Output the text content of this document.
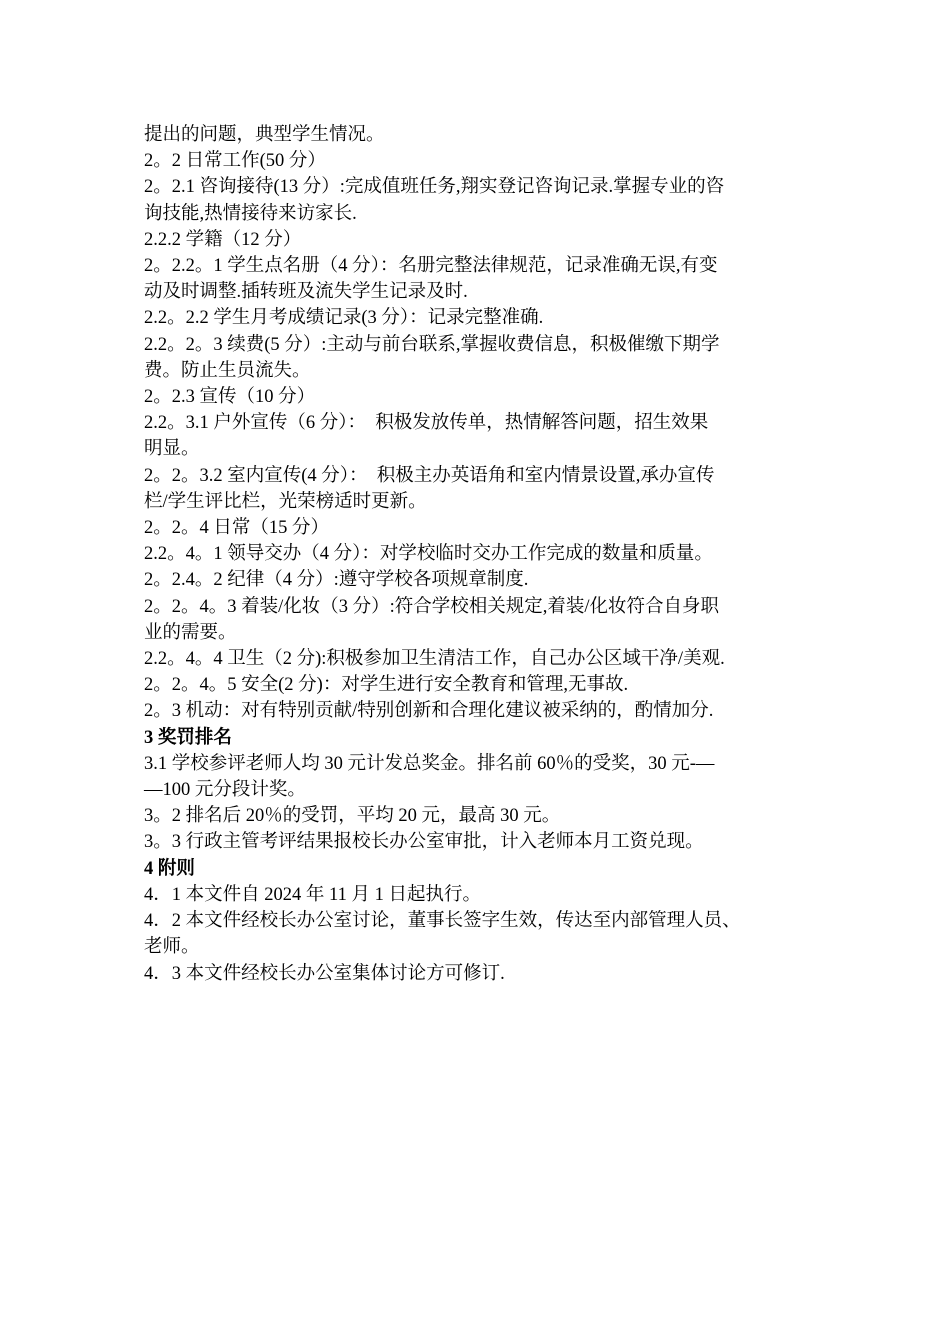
提出的问题，典型学生情况。

2。2 日常工作(50 分）

2。2.1 咨询接待(13 分）:完成值班任务,翔实登记咨询记录.掌握专业的咨

询技能,热情接待来访家长.

2.2.2 学籍（12 分）

2。2.2。1 学生点名册（4 分）：名册完整法律规范，记录准确无误,有变

动及时调整.插转班及流失学生记录及时.

2.2。2.2 学生月考成绩记录(3 分）：记录完整准确.

2.2。2。3 续费(5 分）:主动与前台联系,掌握收费信息，积极催缴下期学

费。防止生员流失。

2。2.3 宣传（10 分）

2.2。3.1 户外宣传（6 分）：  积极发放传单，热情解答问题，招生效果

明显。

2。2。3.2 室内宣传(4 分）：  积极主办英语角和室内情景设置,承办宣传

栏/学生评比栏，光荣榜适时更新。

2。2。4 日常（15 分）

2.2。4。1 领导交办（4 分）：对学校临时交办工作完成的数量和质量。

2。2.4。2 纪律（4 分）:遵守学校各项规章制度.

2。2。4。3 着装/化妆（3 分）:符合学校相关规定,着装/化妆符合自身职

业的需要。

2.2。4。4 卫生（2 分):积极参加卫生清洁工作，自己办公区域干净/美观.

2。2。4。5 安全(2 分)：对学生进行安全教育和管理,无事故.

2。3 机动：对有特别贡献/特别创新和合理化建议被采纳的，酌情加分.

3 奖罚排名

3.1 学校参评老师人均 30 元计发总奖金。排名前 60％的受奖，30 元-—

—100 元分段计奖。

3。2 排名后 20％的受罚，平均 20 元，最高 30 元。

3。3 行政主管考评结果报校长办公室审批，计入老师本月工资兑现。

4 附则

4．1 本文件自 2024 年 11 月 1 日起执行。

4．2 本文件经校长办公室讨论，董事长签字生效，传达至内部管理人员、

老师。

4．3 本文件经校长办公室集体讨论方可修订.
